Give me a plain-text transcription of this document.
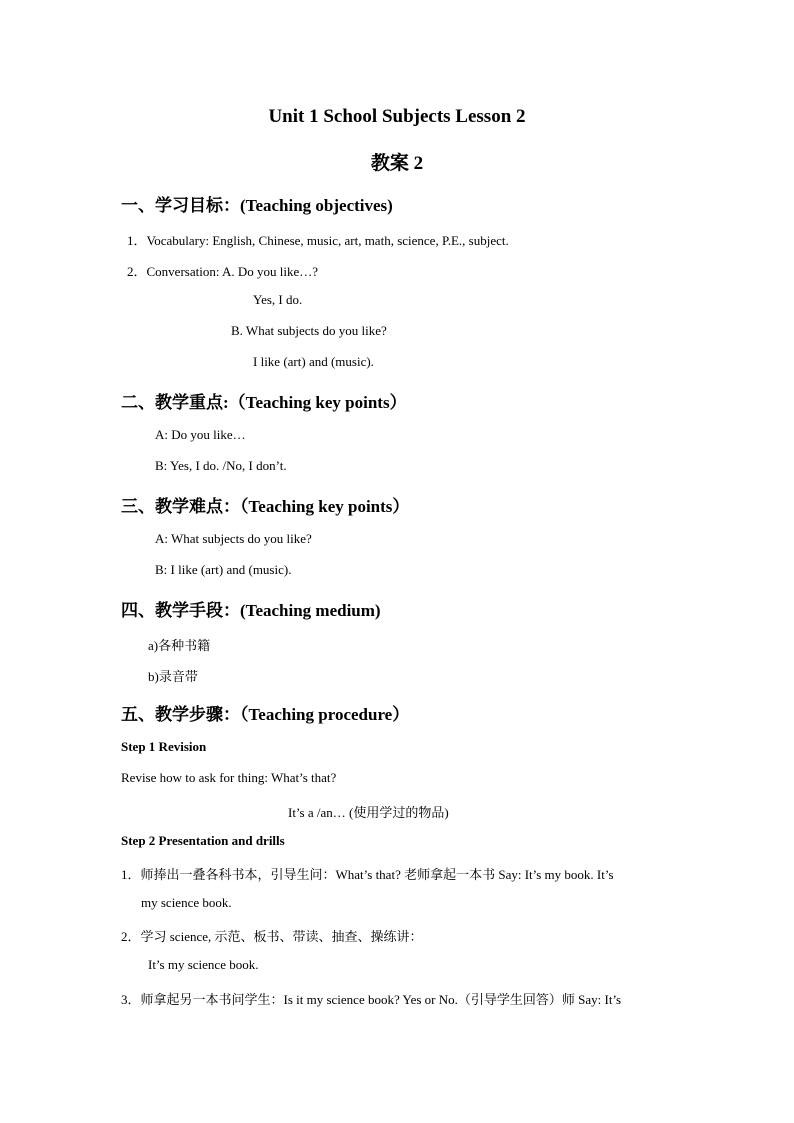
Unit 1 School Subjects Lesson 2
教案 2
一、学习目标：(Teaching objectives)
1．Vocabulary: English, Chinese, music, art, math, science, P.E., subject.
2．Conversation: A. Do you like…?
Yes, I do.
B. What subjects do you like?
I like (art) and (music).
二、教学重点:（Teaching key points）
A: Do you like…
B: Yes, I do. /No, I don’t.
三、教学难点：（Teaching key points）
A: What subjects do you like?
B: I like (art) and (music).
四、教学手段：(Teaching medium)
a)各种书籍
b)录音带
五、教学步骤：（Teaching procedure）
Step 1 Revision
Revise how to ask for thing: What’s that?
It’s a /an… (使用学过的物品)
Step 2 Presentation and drills
1．师捧出一叠各科书本，引导生问：What’s that? 老师拿起一本书 Say: It’s my book. It’s
my science book.
2．学习 science, 示范、板书、带读、抽查、操练讲：
It’s my science book.
3．师拿起另一本书问学生：Is it my science book? Yes or No.（引导学生回答）师 Say: It’s
